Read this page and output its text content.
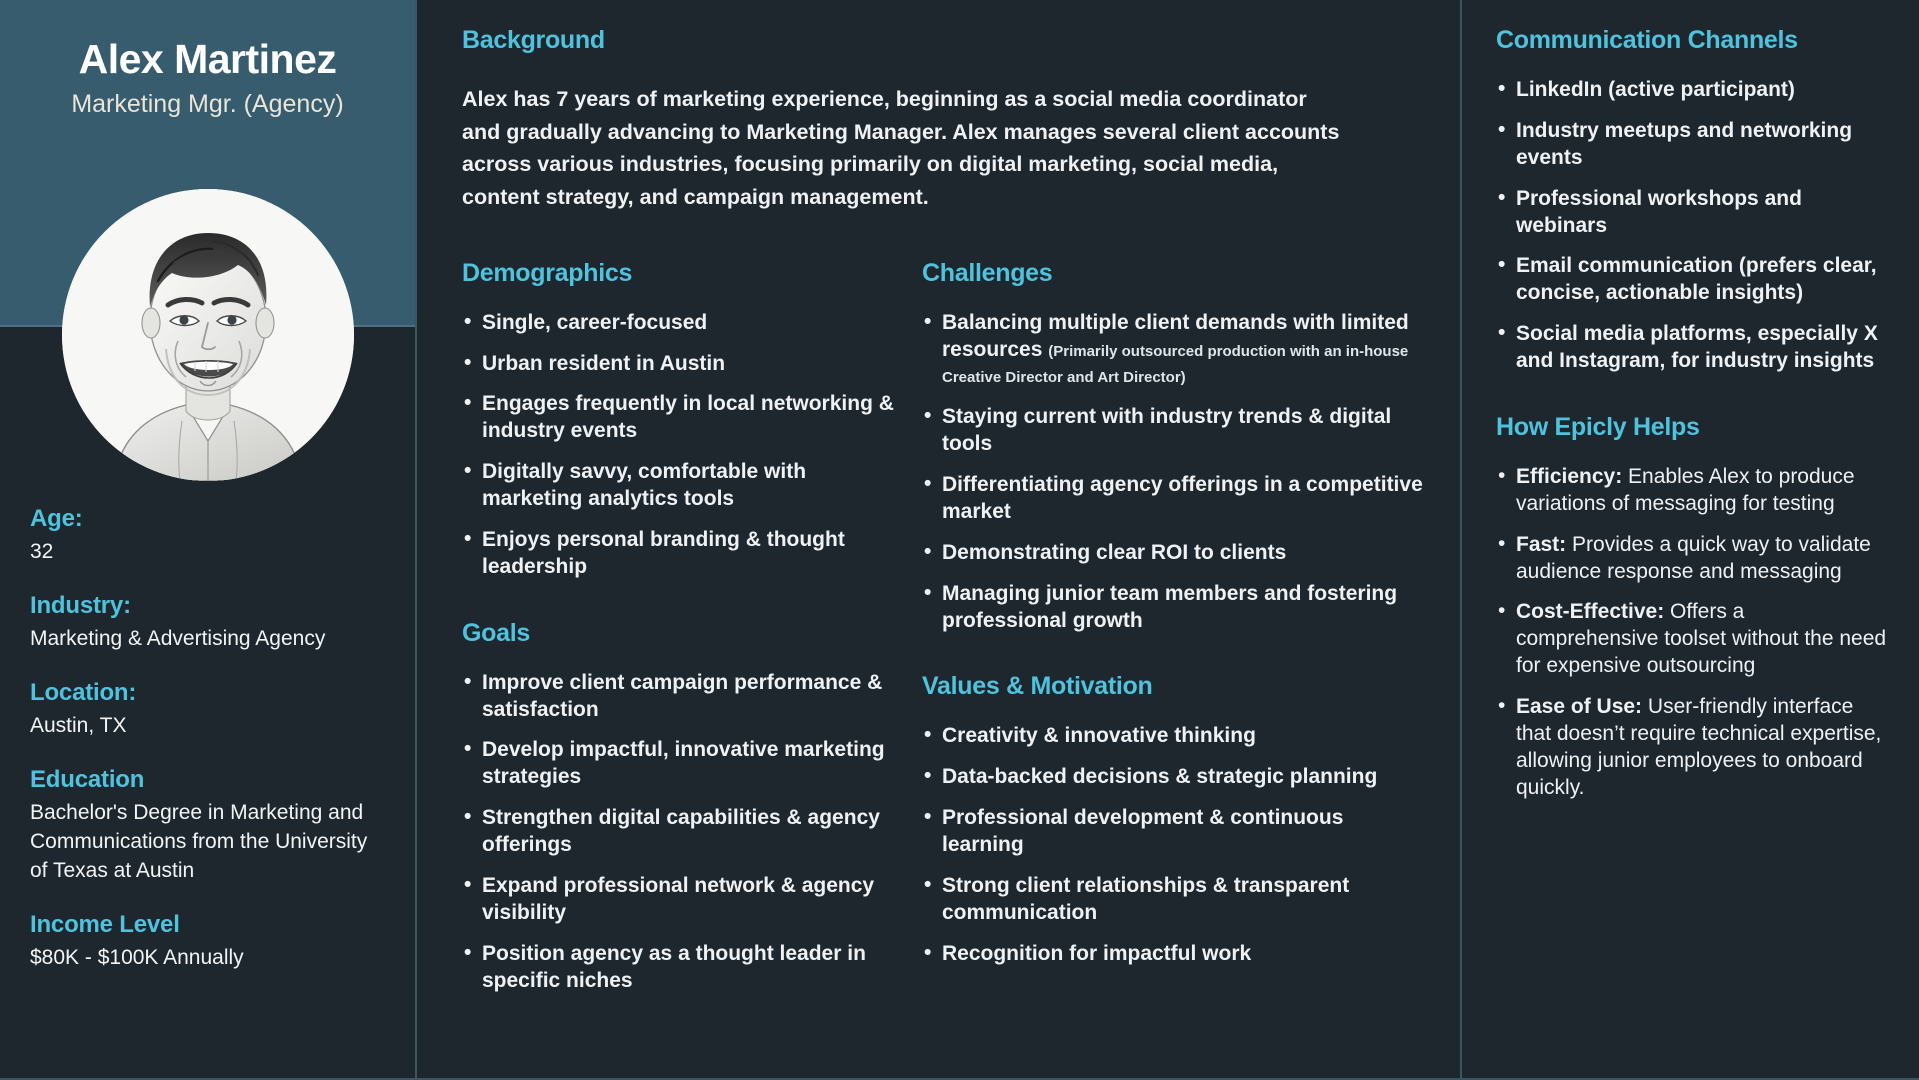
Alex Martinez
Marketing Mgr. (Agency)
Age:
32
Industry:
Marketing & Advertising Agency
Location:
Austin, TX
Education
Bachelor's Degree in Marketing and Communications from the University of Texas at Austin
Income Level
$80K - $100K Annually
Background
Alex has 7 years of marketing experience, beginning as a social media coordinator and gradually advancing to Marketing Manager. Alex manages several client accounts across various industries, focusing primarily on digital marketing, social media, content strategy, and campaign management.
Demographics
• Single, career-focused
• Urban resident in Austin
• Engages frequently in local networking & industry events
• Digitally savvy, comfortable with marketing analytics tools
• Enjoys personal branding & thought leadership
Goals
• Improve client campaign performance & satisfaction
• Develop impactful, innovative marketing strategies
• Strengthen digital capabilities & agency offerings
• Expand professional network & agency visibility
• Position agency as a thought leader in specific niches
Challenges
• Balancing multiple client demands with limited resources (Primarily outsourced production with an in-house Creative Director and Art Director)
• Staying current with industry trends & digital tools
• Differentiating agency offerings in a competitive market
• Demonstrating clear ROI to clients
• Managing junior team members and fostering professional growth
Values & Motivation
• Creativity & innovative thinking
• Data-backed decisions & strategic planning
• Professional development & continuous learning
• Strong client relationships & transparent communication
• Recognition for impactful work
Communication Channels
• LinkedIn (active participant)
• Industry meetups and networking events
• Professional workshops and webinars
• Email communication (prefers clear, concise, actionable insights)
• Social media platforms, especially X and Instagram, for industry insights
How Epicly Helps
• Efficiency: Enables Alex to produce variations of messaging for testing
• Fast: Provides a quick way to validate audience response and messaging
• Cost-Effective: Offers a comprehensive toolset without the need for expensive outsourcing
• Ease of Use: User-friendly interface that doesn’t require technical expertise, allowing junior employees to onboard quickly.
